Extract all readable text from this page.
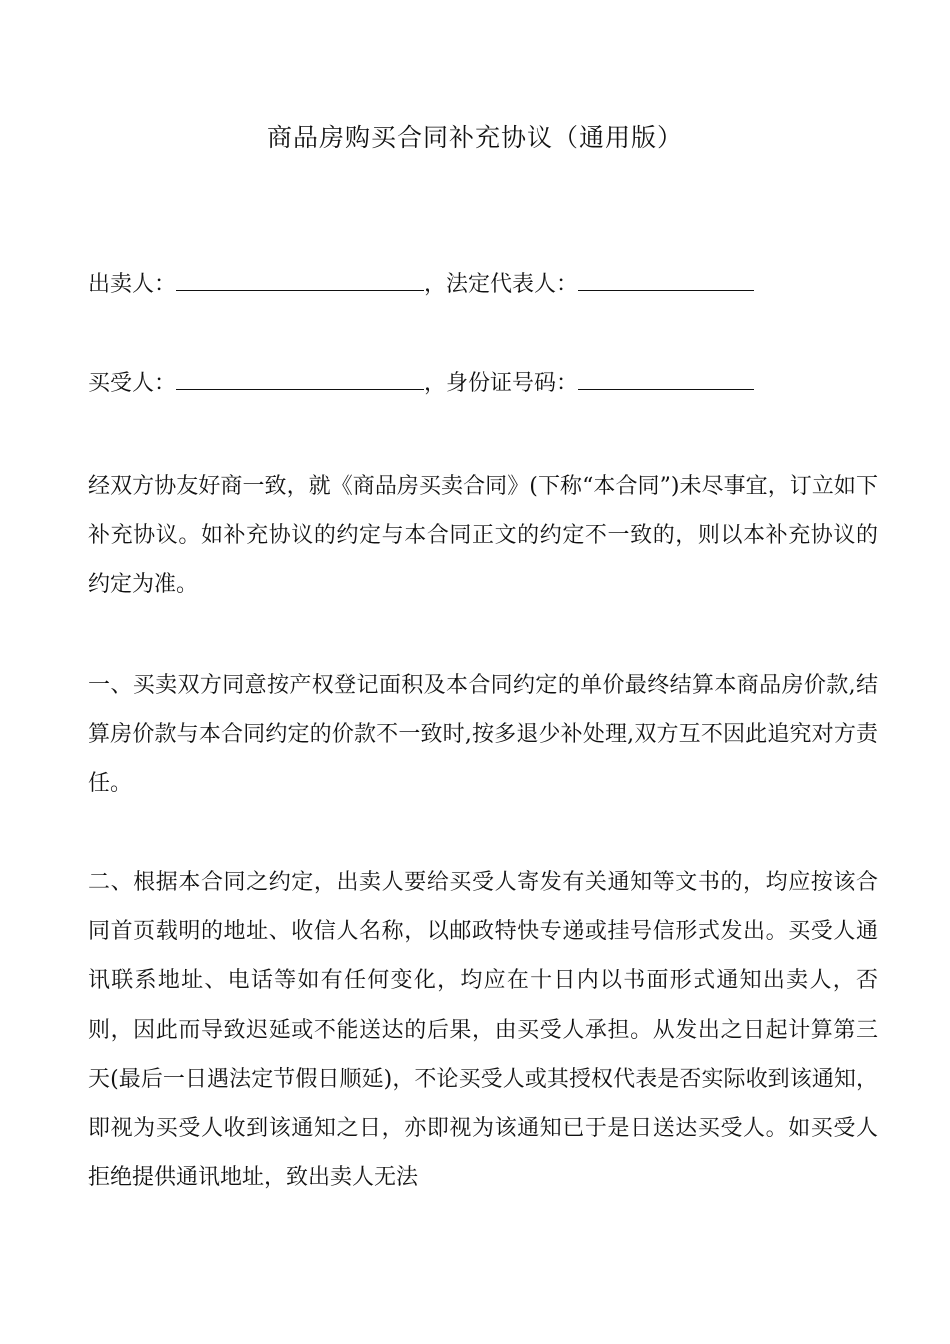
商品房购买合同补充协议（通用版）
出卖人：	，法定代表人：
买受人：	，身份证号码：

经双方协友好商一致，就《商品房买卖合同》(下称“本合同”)未尽事宜，订立如下补充协议。如补充协议的约定与本合同正文的约定不一致的，则以本补充协议的约定为准。

一、买卖双方同意按产权登记面积及本合同约定的单价最终结算本商品房价款,结算房价款与本合同约定的价款不一致时,按多退少补处理,双方互不因此追究对方责任。

二、根据本合同之约定，出卖人要给买受人寄发有关通知等文书的，均应按该合同首页载明的地址、收信人名称，以邮政特快专递或挂号信形式发出。买受人通讯联系地址、电话等如有任何变化，均应在十日内以书面形式通知出卖人，否则，因此而导致迟延或不能送达的后果，由买受人承担。从发出之日起计算第三天(最后一日遇法定节假日顺延)，不论买受人或其授权代表是否实际收到该通知，即视为买受人收到该通知之日，亦即视为该通知已于是日送达买受人。如买受人拒绝提供通讯地址，致出卖人无法
